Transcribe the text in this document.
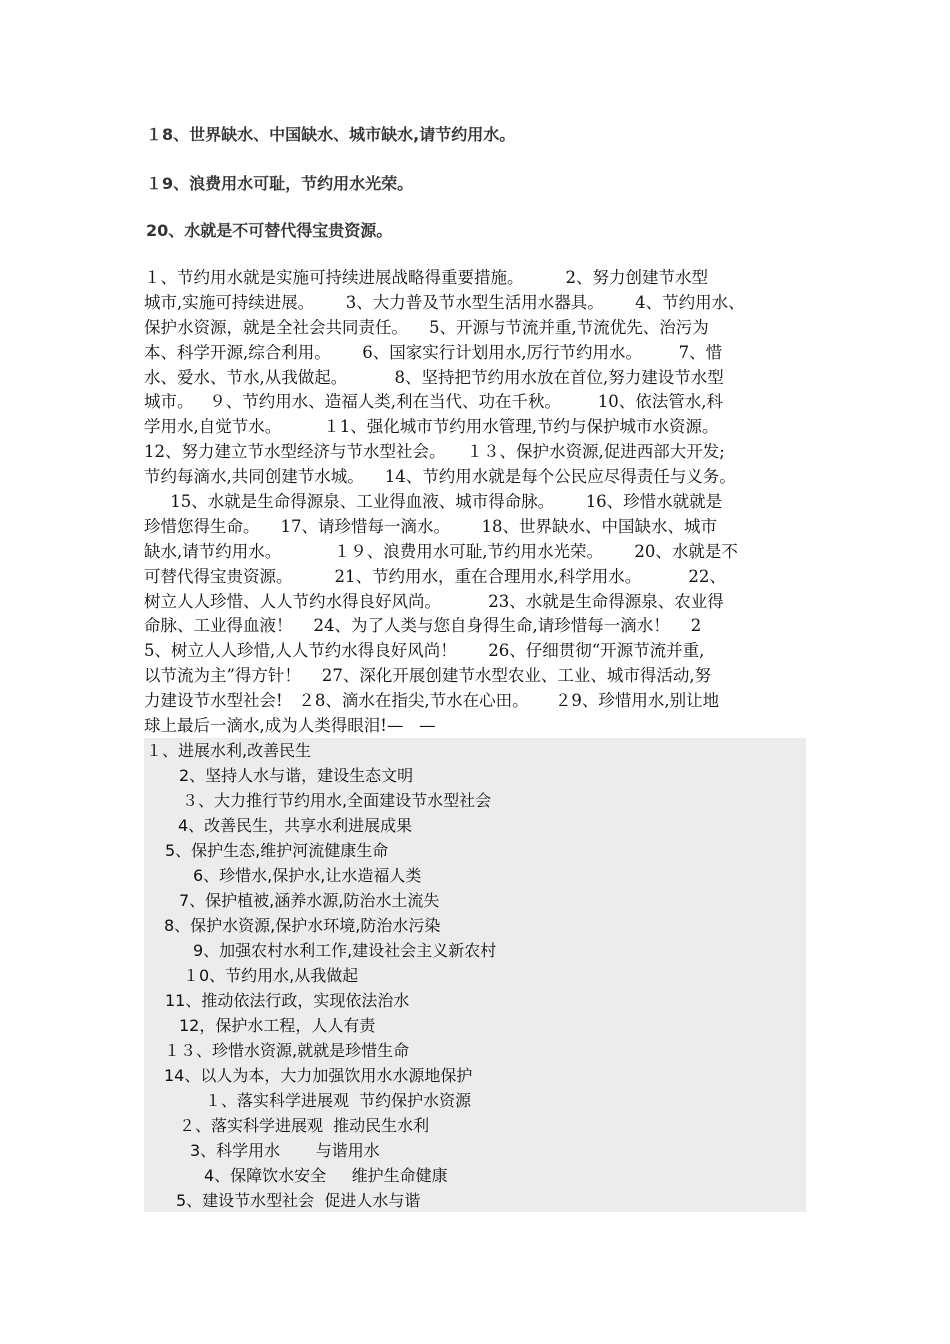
１8、世界缺水、中国缺水、城市缺水,请节约用水。
１9、浪费用水可耻，节约用水光荣。
20、水就是不可替代得宝贵资源。
１、节约用水就是实施可持续进展战略得重要措施。        2、努力创建节水型
城市,实施可持续进展。      3、大力普及节水型生活用水器具。      4、节约用水、
保护水资源，就是全社会共同责任。    5、开源与节流并重,节流优先、治污为
本、科学开源,综合利用。      6、国家实行计划用水,厉行节约用水。       7、惜
水、爱水、节水,从我做起。         8、坚持把节约用水放在首位,努力建设节水型
城市。   ９、节约用水、造福人类,利在当代、功在千秋。       10、依法管水,科
学用水,自觉节水。        １1、强化城市节约用水管理,节约与保护城市水资源。
12、努力建立节水型经济与节水型社会。    １３、保护水资源,促进西部大开发;
节约每滴水,共同创建节水城。    14、节约用水就是每个公民应尽得责任与义务。
15、水就是生命得源泉、工业得血液、城市得命脉。      16、珍惜水就就是
珍惜您得生命。    17、请珍惜每一滴水。      18、世界缺水、中国缺水、城市
缺水,请节约用水。          １９、浪费用水可耻,节约用水光荣。      20、水就是不
可替代得宝贵资源。        21、节约用水，重在合理用水,科学用水。         22、
树立人人珍惜、人人节约水得良好风尚。         23、水就是生命得源泉、农业得
命脉、工业得血液！    24、为了人类与您自身得生命,请珍惜每一滴水！    2
5、树立人人珍惜,人人节约水得良好风尚！      26、仔细贯彻“开源节流并重,
以节流为主”得方针！    27、深化开展创建节水型农业、工业、城市得活动,努
力建设节水型社会!   ２8、滴水在指尖,节水在心田。     ２9、珍惜用水,别让地
球上最后一滴水,成为人类得眼泪!—   —
１、进展水利,改善民生
2、坚持人水与谐，建设生态文明
３、大力推行节约用水,全面建设节水型社会
4、改善民生，共享水利进展成果
5、保护生态,维护河流健康生命
6、珍惜水,保护水,让水造福人类
7、保护植被,涵养水源,防治水土流失
8、保护水资源,保护水环境,防治水污染
9、加强农村水利工作,建设社会主义新农村
１0、节约用水,从我做起
11、推动依法行政，实现依法治水
12，保护水工程，人人有责
１３、珍惜水资源,就就是珍惜生命
14、以人为本，大力加强饮用水水源地保护
１、落实科学进展观  节约保护水资源
２、落实科学进展观  推动民生水利
3、科学用水       与谐用水
4、保障饮水安全     维护生命健康
5、建设节水型社会  促进人水与谐
